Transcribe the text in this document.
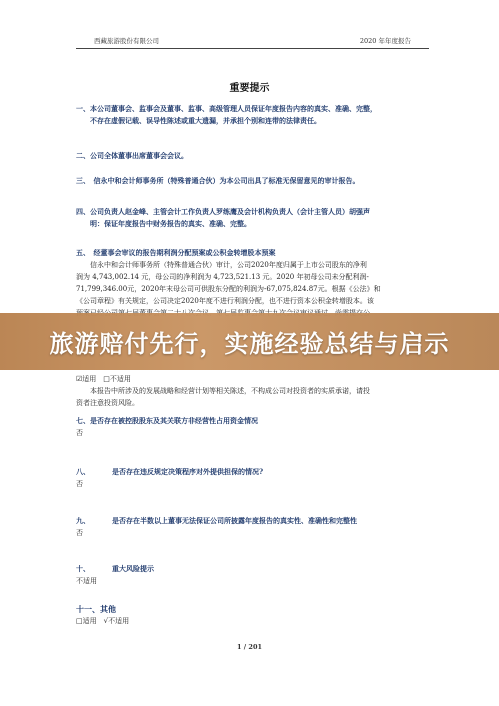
西藏旅游股份有限公司	2020 年年度报告
重要提示
一、本公司董事会、监事会及董事、监事、高级管理人员保证年度报告内容的真实、准确、完整，
不存在虚假记载、误导性陈述或重大遗漏，并承担个别和连带的法律责任。
二、公司全体董事出席董事会会议。
三、　信永中和会计师事务所（特殊普通合伙）为本公司出具了标准无保留意见的审计报告。
四、公司负责人赵金峰、主管会计工作负责人罗练鹰及会计机构负责人（会计主管人员）胡强声
明：保证年度报告中财务报告的真实、准确、完整。
五、　经董事会审议的报告期利润分配预案或公积金转增股本预案
信永中和会计师事务所（特殊普通合伙）审计，公司2020年度归属于上市公司股东的净利
润为 4,743,002.14 元，母公司的净利润为 4,723,521.13 元。2020 年初母公司未分配利润-
71,799,346.00元，2020年末母公司可供股东分配的利润为-67,075,824.87元。根据《公法》和
《公司章程》有关规定，公司决定2020年度不进行利润分配，也不进行资本公积金转增股本。该
旅游赔付先行，实施经验总结与启示
☑适用　□不适用
本报告中所涉及的发展战略和经营计划等相关陈述，不构成公司对投资者的实质承诺，请投
资者注意投资风险。
七、是否存在被控股股东及其关联方非经营性占用资金情况
否
八、	是否存在违反规定决策程序对外提供担保的情况?
否
九、	是否存在半数以上董事无法保证公司所披露年度报告的真实性、准确性和完整性
否
十、	重大风险提示
不适用
十一、其他
□适用　√不适用
1 / 201
